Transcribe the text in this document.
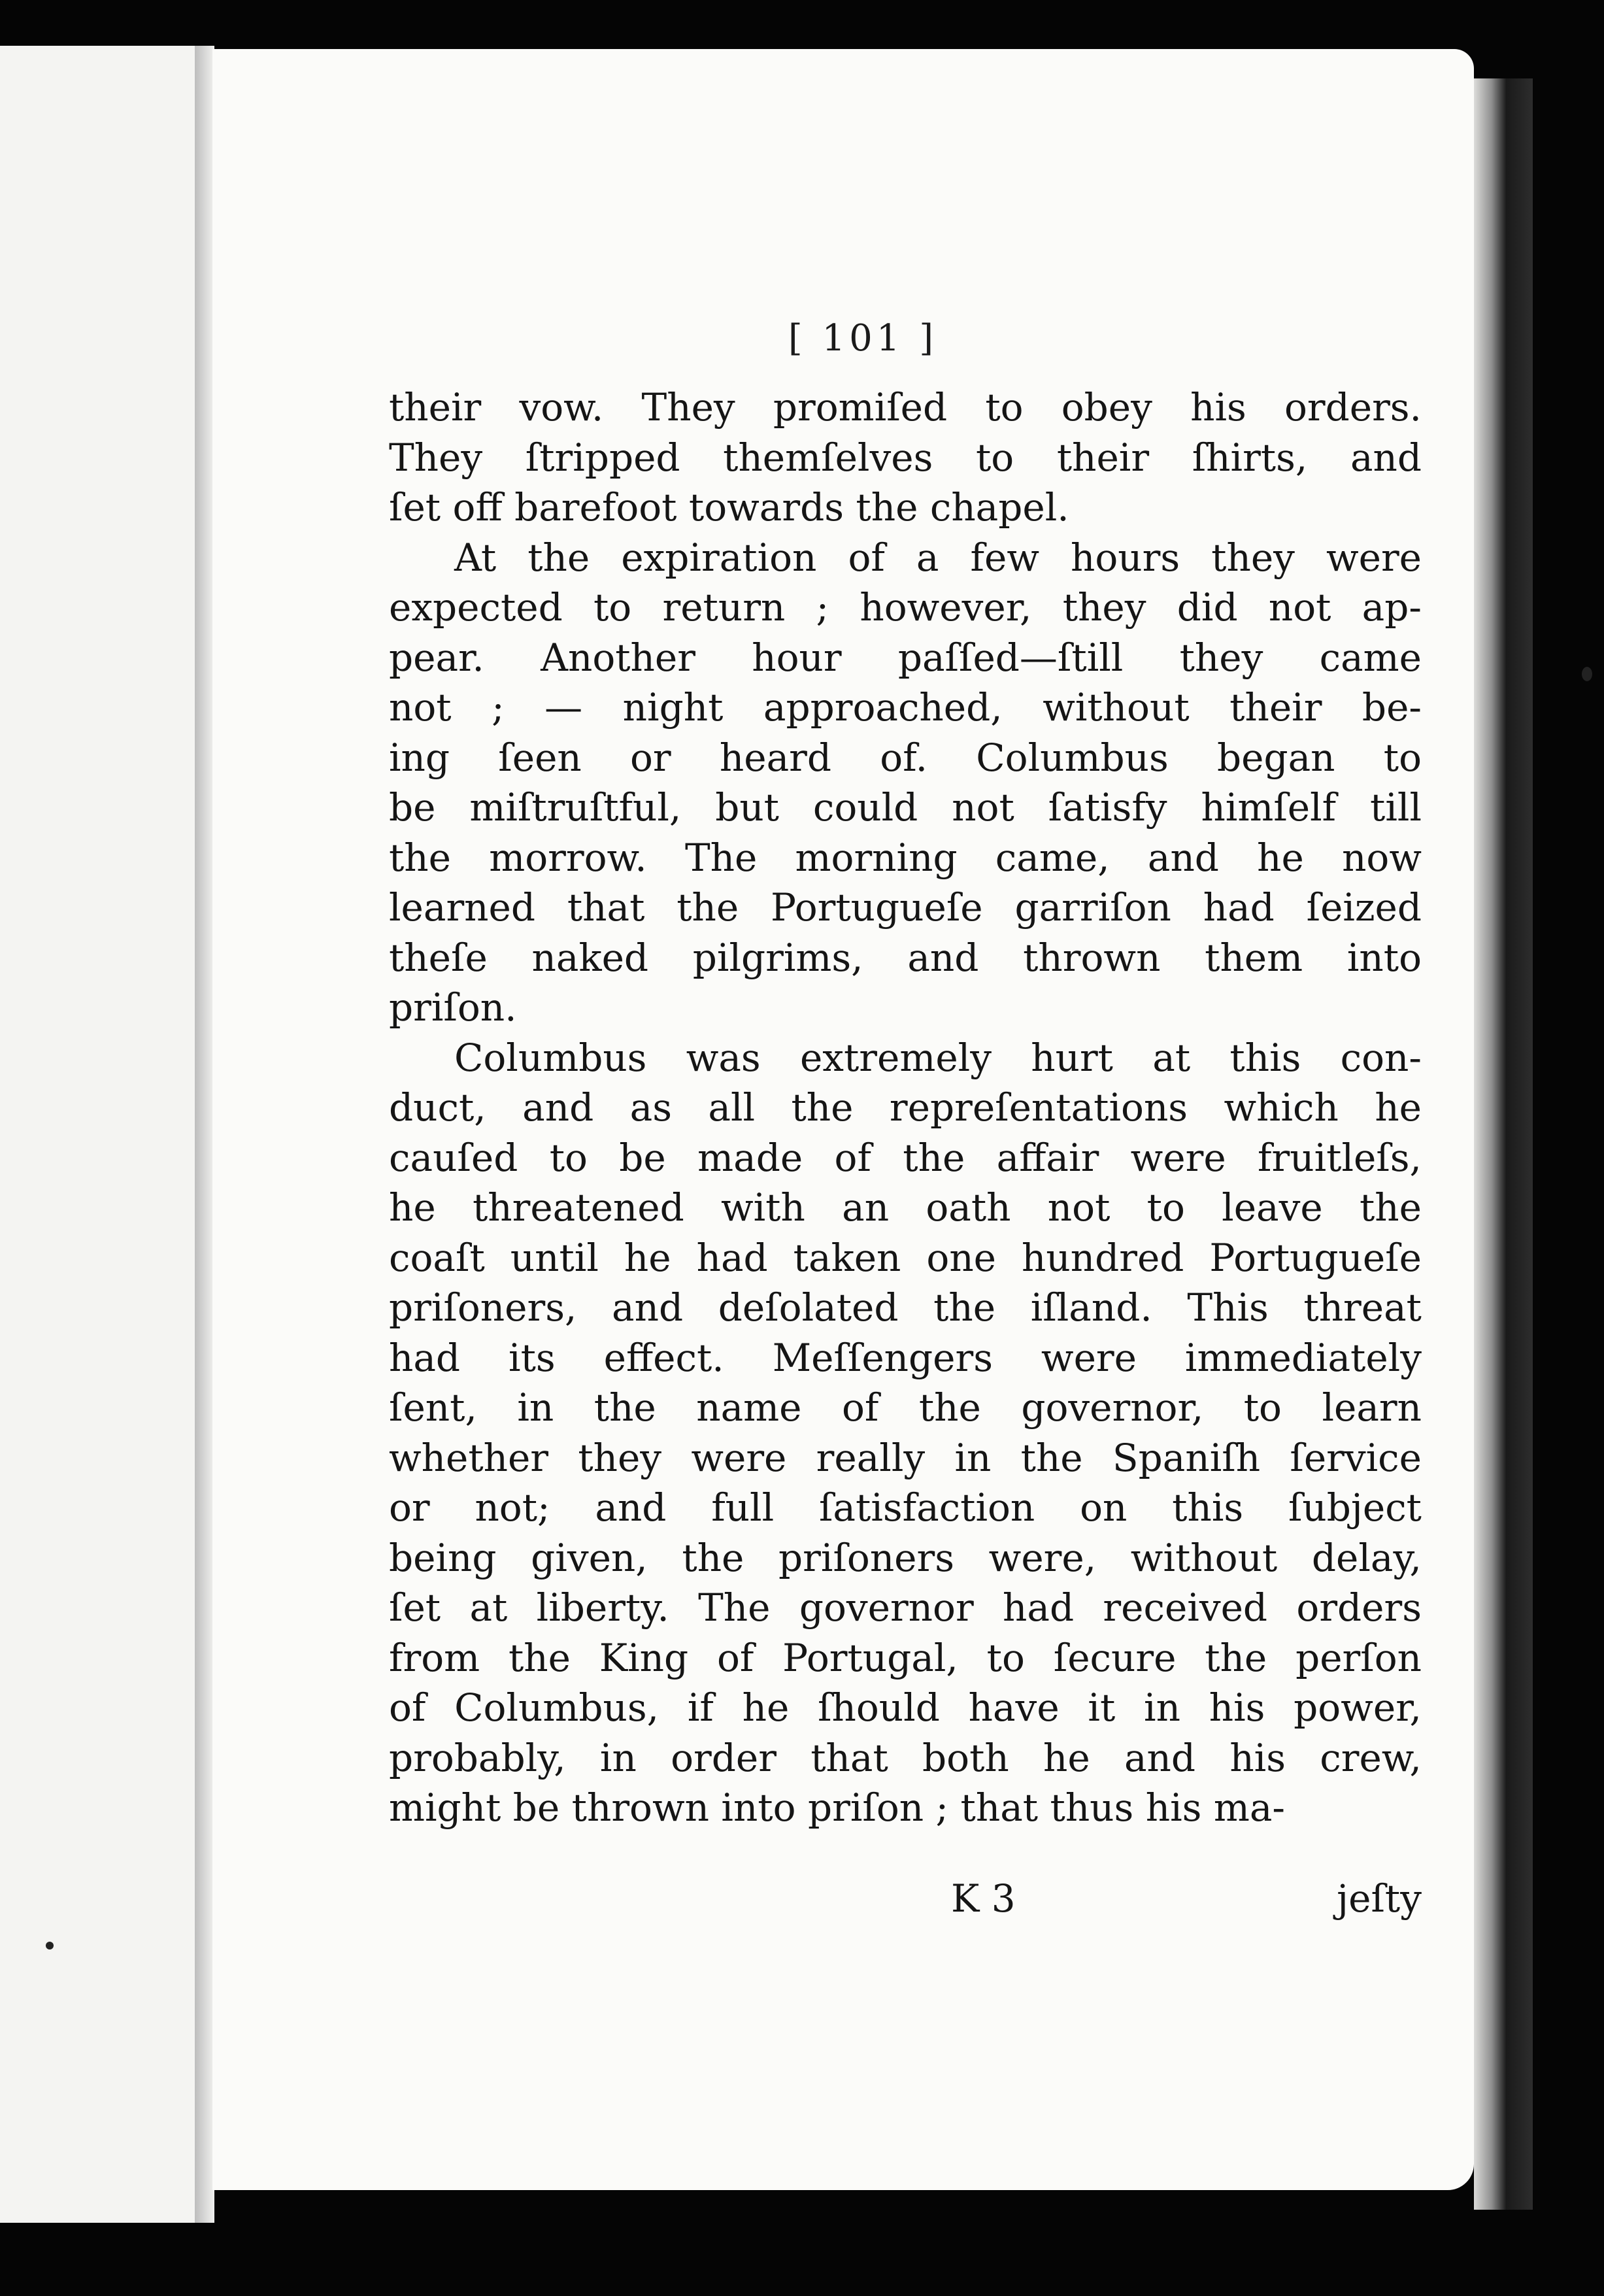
[ 101 ]
their vow. They promiſed to obey his orders.
They ſtripped themſelves to their ſhirts, and
ſet off barefoot towards the chapel.
At the expiration of a few hours they were
expected to return ; however, they did not ap-
pear. Another hour paſſed—ſtill they came
not ; — night approached, without their be-
ing ſeen or heard of. Columbus began to
be miſtruſtful, but could not ſatisfy himſelf till
the morrow. The morning came, and he now
learned that the Portugueſe garriſon had ſeized
theſe naked pilgrims, and thrown them into
priſon.
Columbus was extremely hurt at this con-
duct, and as all the repreſentations which he
cauſed to be made of the affair were fruitleſs,
he threatened with an oath not to leave the
coaſt until he had taken one hundred Portugueſe
priſoners, and deſolated the iſland. This threat
had its effect. Meſſengers were immediately
ſent, in the name of the governor, to learn
whether they were really in the Spaniſh ſervice
or not; and full ſatisfaction on this ſubject
being given, the priſoners were, without delay,
ſet at liberty. The governor had received orders
from the King of Portugal, to ſecure the perſon
of Columbus, if he ſhould have it in his power,
probably, in order that both he and his crew,
might be thrown into priſon ; that thus his ma-
K 3	jeſty
